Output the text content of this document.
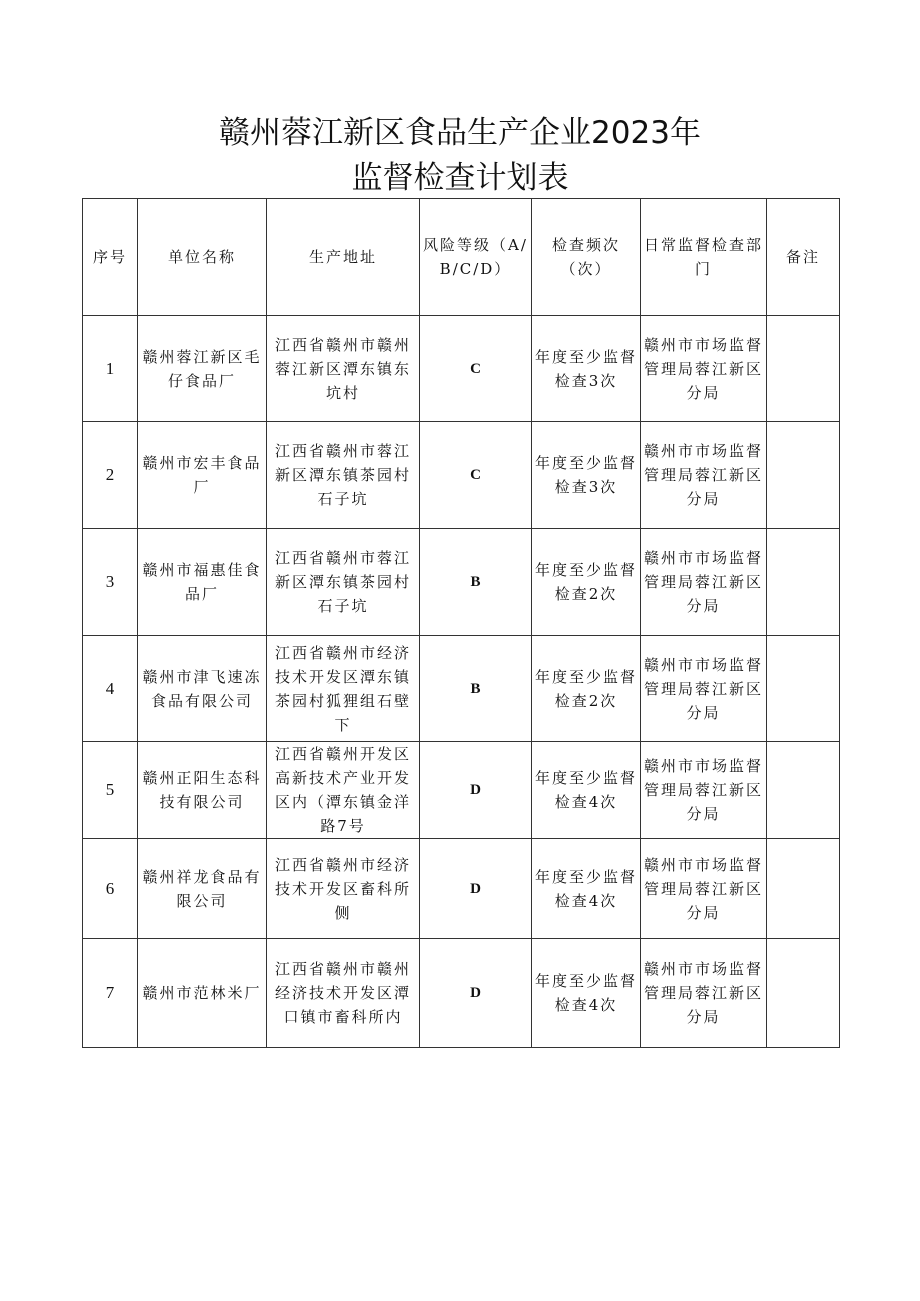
赣州蓉江新区食品生产企业2023年
监督检查计划表
序号	单位名称	生产地址	风险等级（A/B/C/D）	检查频次（次）	日常监督检查部门	备注
1	赣州蓉江新区毛仔食品厂	江西省赣州市赣州蓉江新区潭东镇东坑村	C	年度至少监督检查3次	赣州市市场监督管理局蓉江新区分局	
2	赣州市宏丰食品厂	江西省赣州市蓉江新区潭东镇茶园村石子坑	C	年度至少监督检查3次	赣州市市场监督管理局蓉江新区分局	
3	赣州市福惠佳食品厂	江西省赣州市蓉江新区潭东镇茶园村石子坑	B	年度至少监督检查2次	赣州市市场监督管理局蓉江新区分局	
4	赣州市津飞速冻食品有限公司	江西省赣州市经济技术开发区潭东镇茶园村狐狸组石壁下	B	年度至少监督检查2次	赣州市市场监督管理局蓉江新区分局	
5	赣州正阳生态科技有限公司	江西省赣州开发区高新技术产业开发区内（潭东镇金洋路7号	D	年度至少监督检查4次	赣州市市场监督管理局蓉江新区分局	
6	赣州祥龙食品有限公司	江西省赣州市经济技术开发区畜科所侧	D	年度至少监督检查4次	赣州市市场监督管理局蓉江新区分局	
7	赣州市范林米厂	江西省赣州市赣州经济技术开发区潭口镇市畜科所内	D	年度至少监督检查4次	赣州市市场监督管理局蓉江新区分局	
